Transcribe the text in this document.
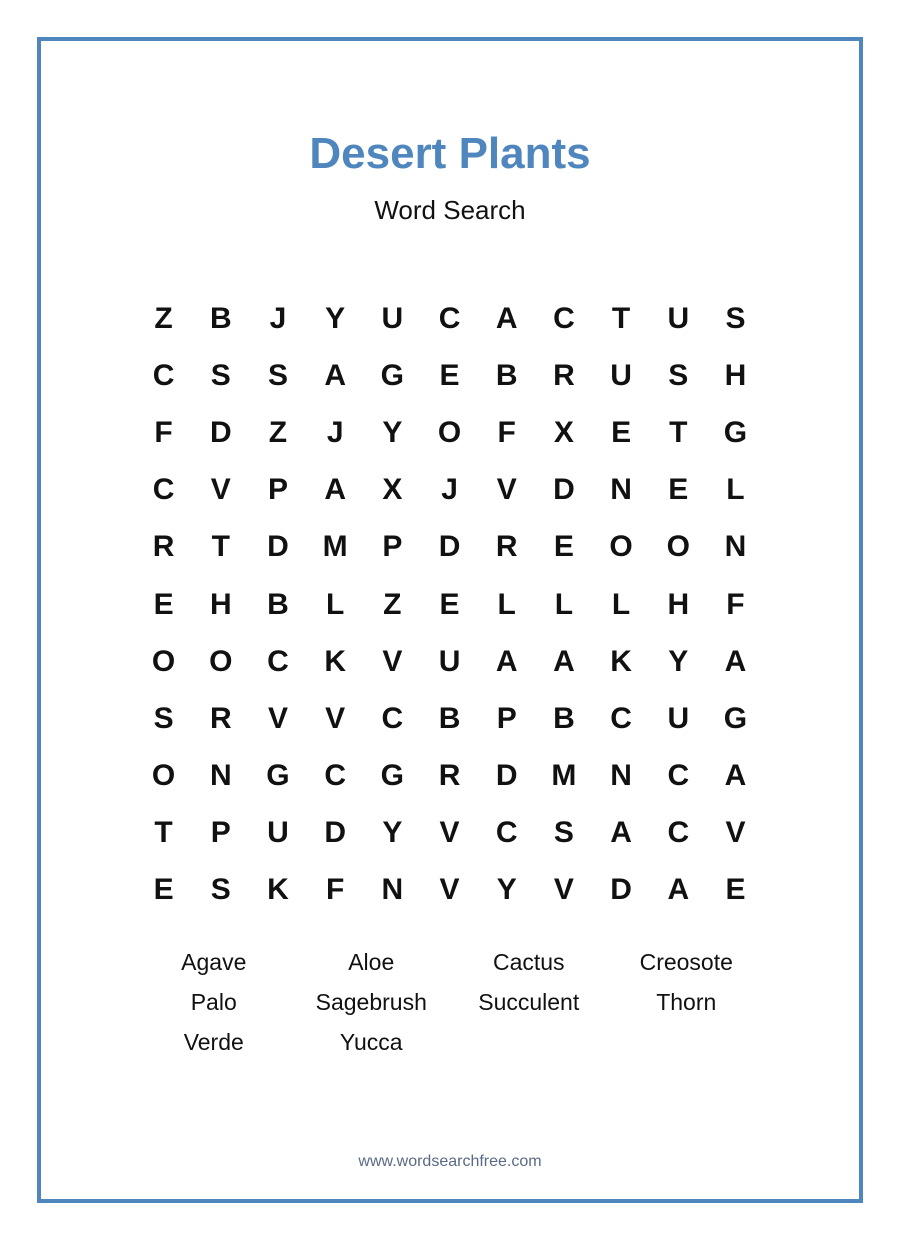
Desert Plants
Word Search
Z	B	J	Y	U	C	A	C	T	U	S
C	S	S	A	G	E	B	R	U	S	H
F	D	Z	J	Y	O	F	X	E	T	G
C	V	P	A	X	J	V	D	N	E	L
R	T	D	M	P	D	R	E	O	O	N
E	H	B	L	Z	E	L	L	L	H	F
O	O	C	K	V	U	A	A	K	Y	A
S	R	V	V	C	B	P	B	C	U	G
O	N	G	C	G	R	D	M	N	C	A
T	P	U	D	Y	V	C	S	A	C	V
E	S	K	F	N	V	Y	V	D	A	E
Agave	Aloe	Cactus	Creosote
Palo	Sagebrush	Succulent	Thorn
Verde	Yucca
www.wordsearchfree.com
